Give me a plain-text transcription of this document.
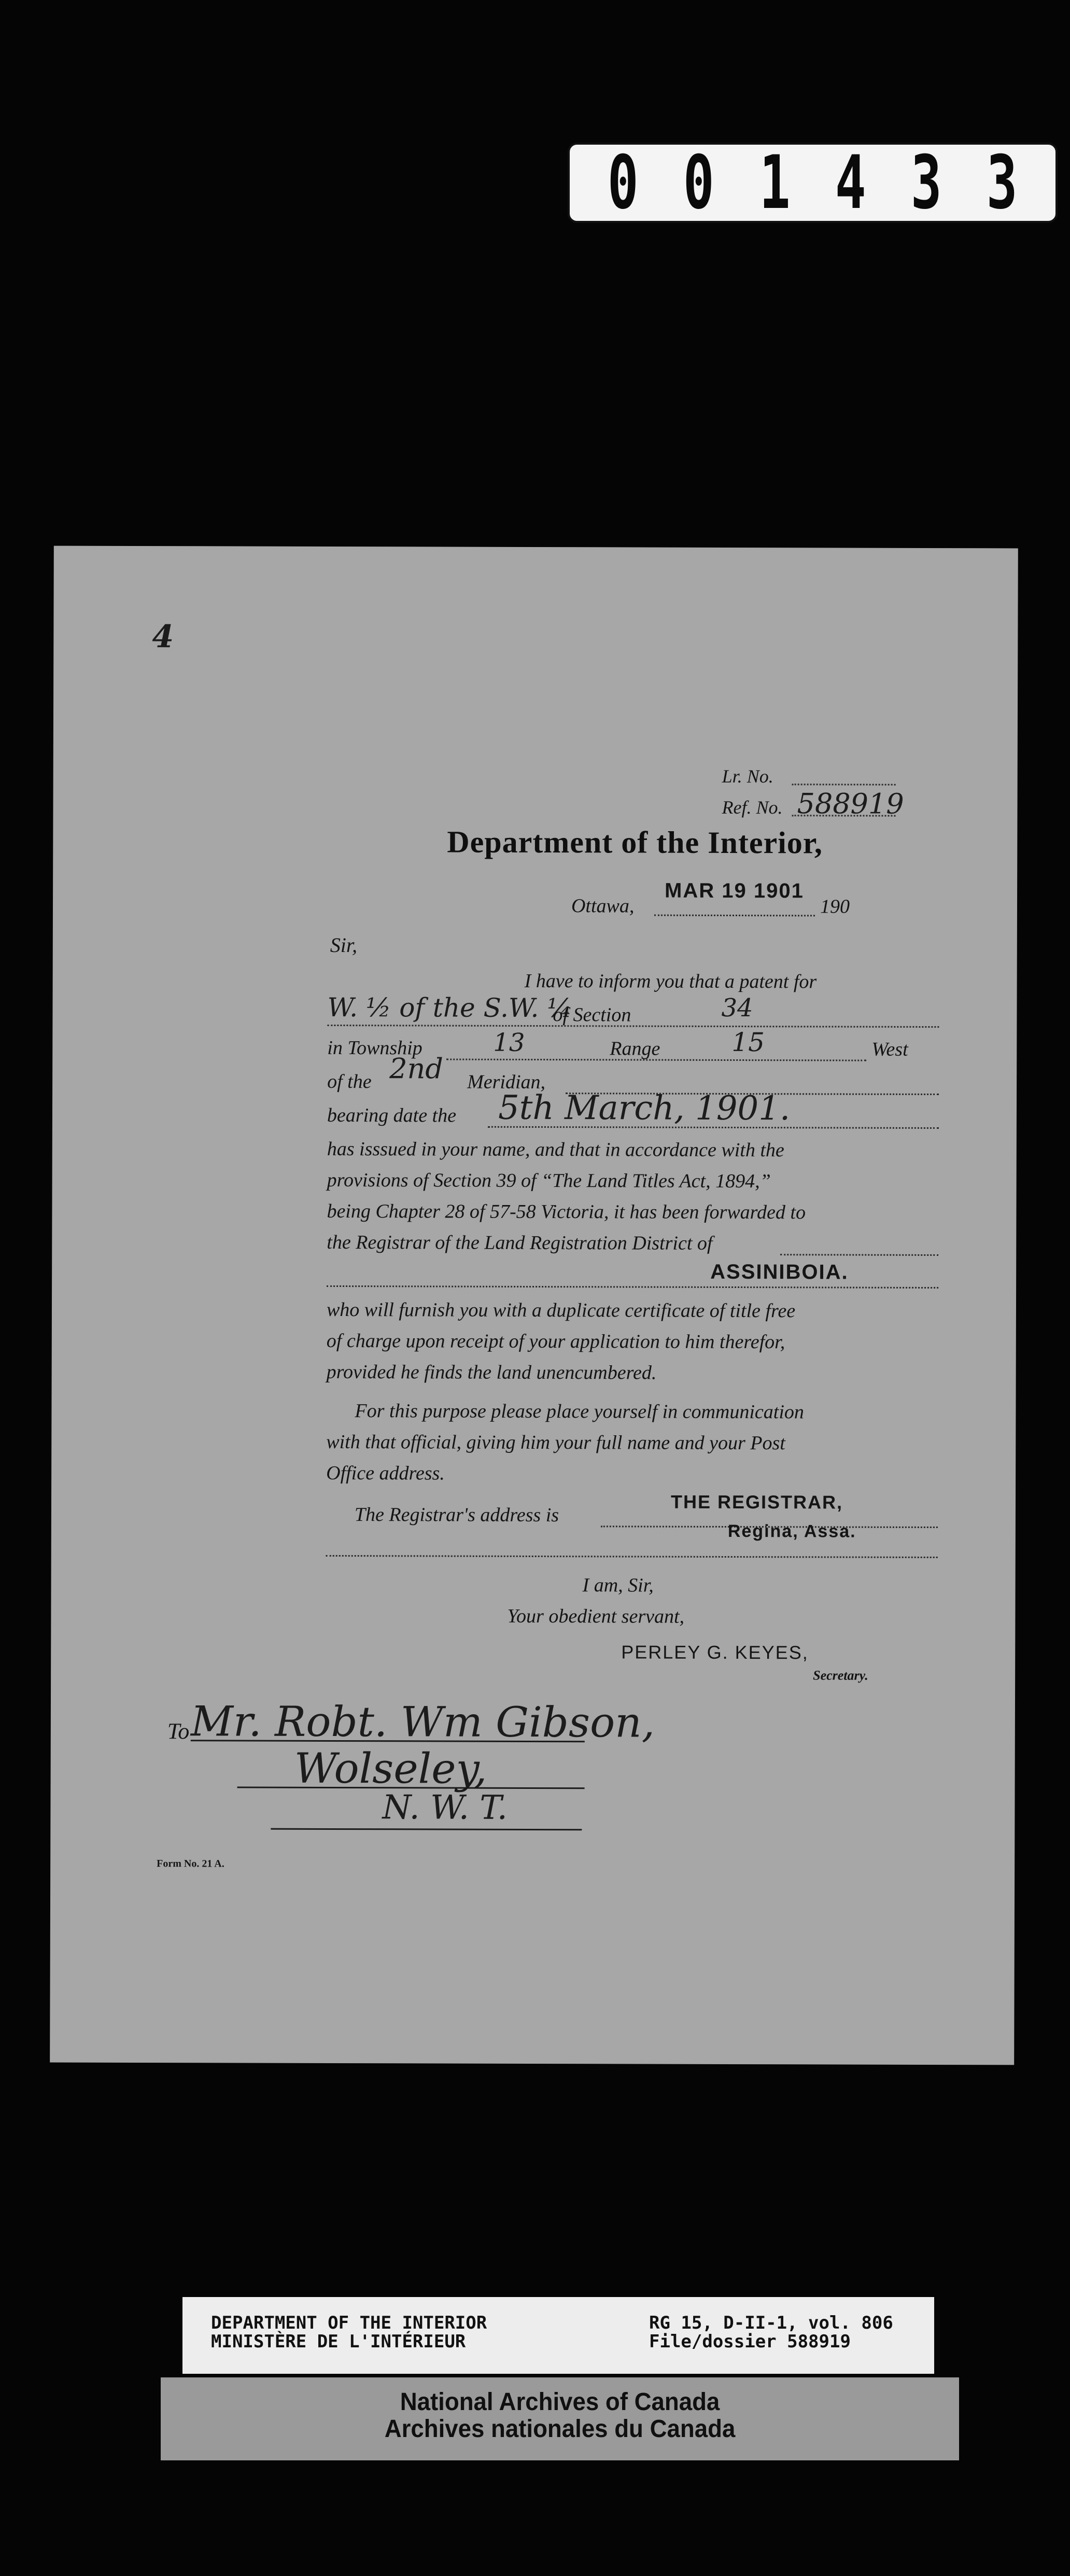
0 0 1 4 3 3
4
Lr. No.
Ref. No. 588919
Department of the Interior,
Ottawa,
MAR 19 1901
190
Sir,
I have to inform you that a patent for
W. ½ of the S.W. ¼
of Section	34
in Township	13	Range	15	West
of the 2nd Meridian,
bearing date the 5th March, 1901.
has isssued in your name, and that in accordance with the
provisions of Section 39 of “The Land Titles Act, 1894,”
being Chapter 28 of 57-58 Victoria, it has been forwarded to
the Registrar of the Land Registration District of
ASSINIBOIA.
who will furnish you with a duplicate certificate of title free
of charge upon receipt of your application to him therefor,
provided he finds the land unencumbered.
For this purpose please place yourself in communication
with that official, giving him your full name and your Post
Office address.
The Registrar's address is
THE REGISTRAR,
Regina, Assa.
I am, Sir,
Your obedient servant,
PERLEY G. KEYES,
Secretary.
To Mr. Robt. Wm Gibson,
Wolseley,
N. W. T.
Form No. 21 A.
DEPARTMENT OF THE INTERIOR
MINISTÈRE DE L'INTÉRIEUR
RG 15, D-II-1, vol. 806
File/dossier 588919
National Archives of Canada
Archives nationales du Canada
